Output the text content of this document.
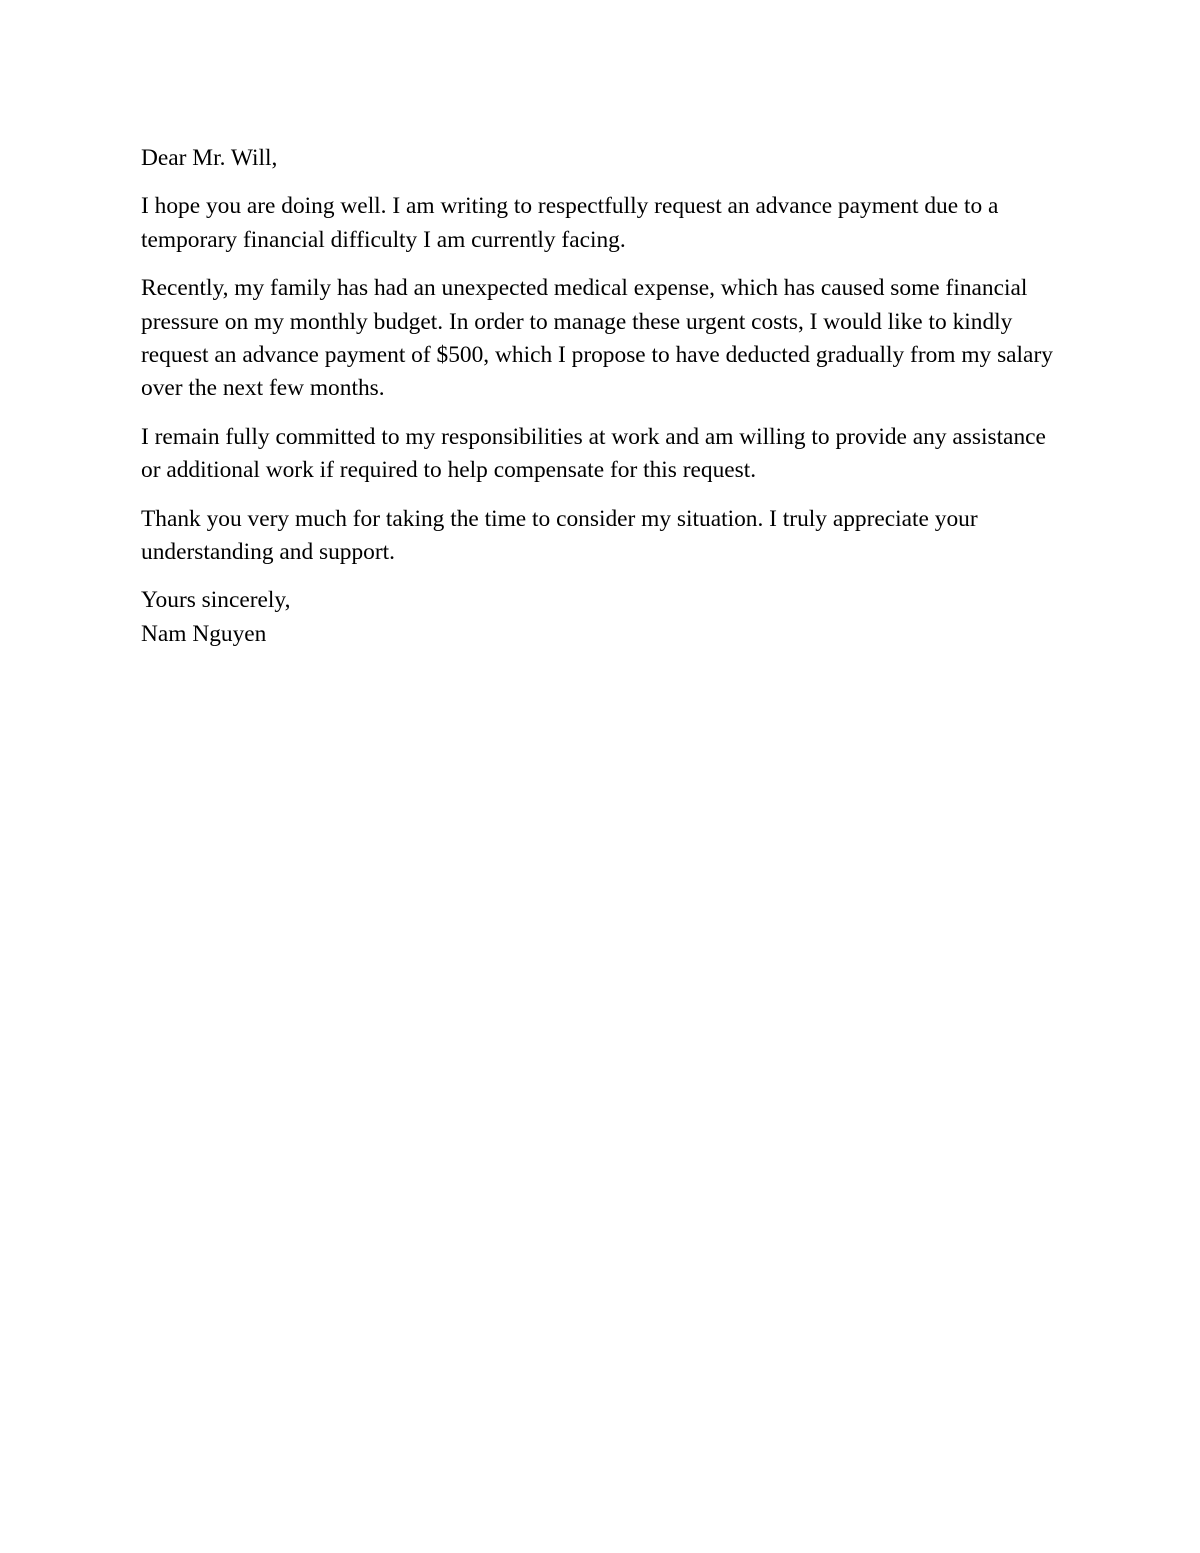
Dear Mr. Will,

I hope you are doing well. I am writing to respectfully request an advance payment due to a temporary financial difficulty I am currently facing.

Recently, my family has had an unexpected medical expense, which has caused some financial pressure on my monthly budget. In order to manage these urgent costs, I would like to kindly request an advance payment of $500, which I propose to have deducted gradually from my salary over the next few months.

I remain fully committed to my responsibilities at work and am willing to provide any assistance or additional work if required to help compensate for this request.

Thank you very much for taking the time to consider my situation. I truly appreciate your understanding and support.

Yours sincerely,

Nam Nguyen
